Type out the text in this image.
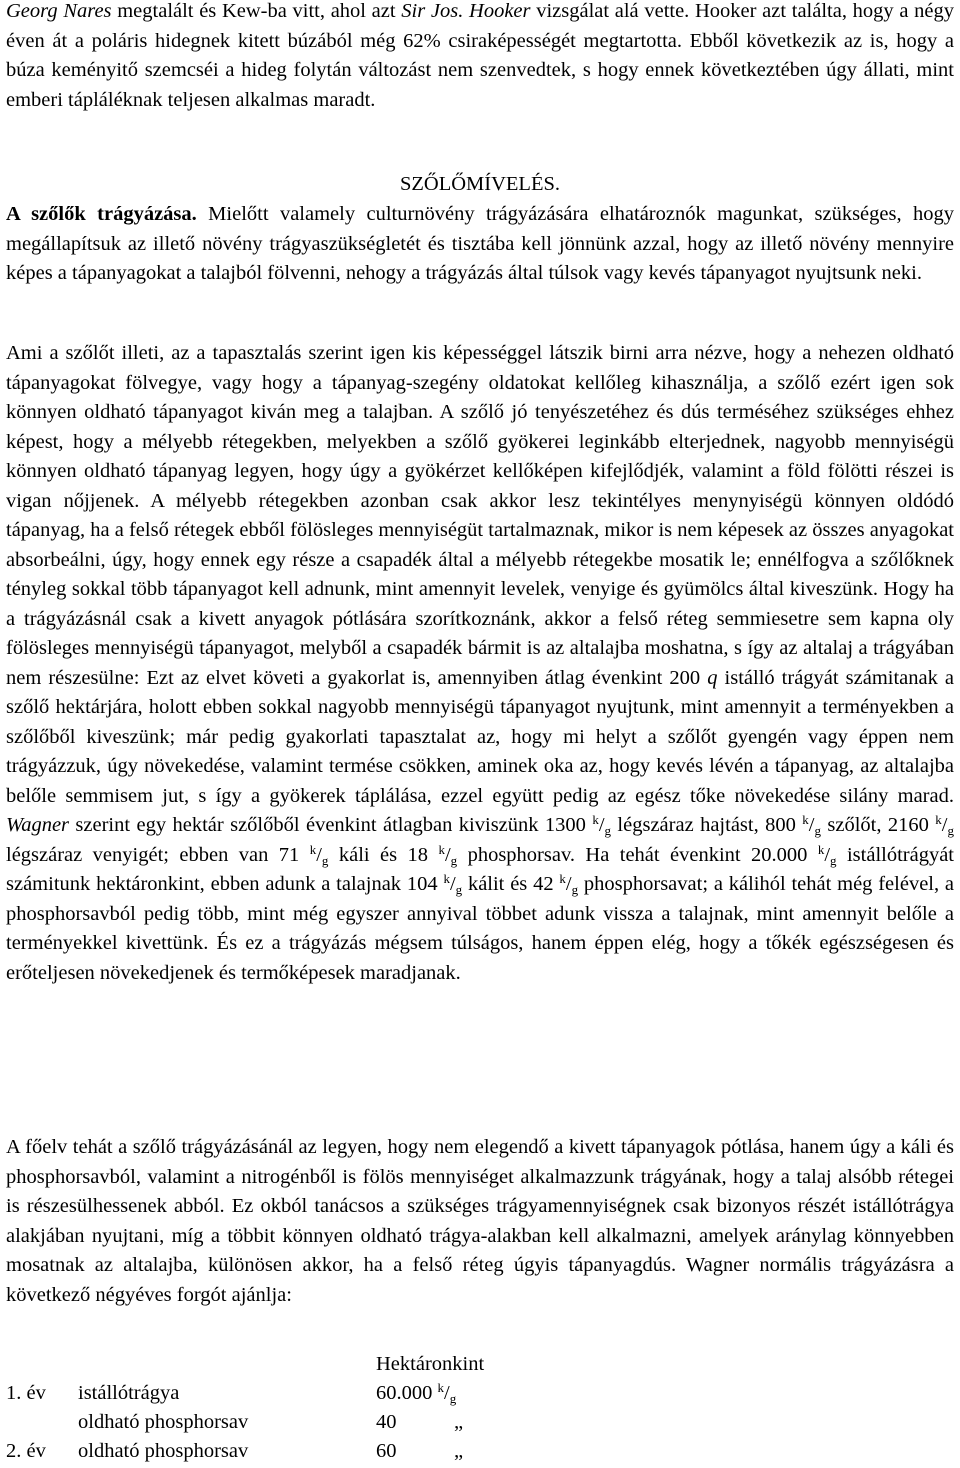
Georg Nares megtalált és Kew-ba vitt, ahol azt Sir Jos. Hooker vizsgálat alá vette. Hooker azt találta, hogy a négy éven át a poláris hidegnek kitett búzából még 62% csiraképességét megtartotta. Ebből következik az is, hogy a búza keményitő szemcséi a hideg folytán változást nem szenvedtek, s hogy ennek következtében úgy állati, mint emberi tápláléknak teljesen alkalmas maradt.

SZŐLŐMÍVELÉS.

A szőlők trágyázása. Mielőtt valamely culturnövény trágyázására elhatároznók magunkat, szükséges, hogy megállapítsuk az illető növény trágyaszükségletét és tisztába kell jönnünk azzal, hogy az illető növény mennyire képes a tápanyagokat a talajból fölvenni, nehogy a trágyázás által túlsok vagy kevés tápanyagot nyujtsunk neki.

Ami a szőlőt illeti, az a tapasztalás szerint igen kis képességgel látszik birni arra nézve, hogy a nehezen oldható tápanyagokat fölvegye, vagy hogy a tápanyag-szegény oldatokat kellőleg kihasználja, a szőlő ezért igen sok könnyen oldható tápanyagot kiván meg a talajban. A szőlő jó tenyészetéhez és dús terméséhez szükséges ehhez képest, hogy a mélyebb rétegekben, melyekben a szőlő gyökerei leginkább elterjednek, nagyobb mennyiségü könnyen oldható tápanyag legyen, hogy úgy a gyökérzet kellőképen kifejlődjék, valamint a föld fölötti részei is vigan nőjjenek. A mélyebb rétegekben azonban csak akkor lesz tekintélyes menynyiségü könnyen oldódó tápanyag, ha a felső rétegek ebből fölösleges mennyiségüt tartalmaznak, mikor is nem képesek az összes anyagokat absorbeálni, úgy, hogy ennek egy része a csapadék által a mélyebb rétegekbe mosatik le; ennélfogva a szőlőknek tényleg sokkal több tápanyagot kell adnunk, mint amennyit levelek, venyige és gyümölcs által kiveszünk. Hogy ha a trágyázásnál csak a kivett anyagok pótlására szorítkoznánk, akkor a felső réteg semmiesetre sem kapna oly fölösleges mennyiségü tápanyagot, melyből a csapadék bármit is az altalajba moshatna, s így az altalaj a trágyában nem részesülne: Ezt az elvet követi a gyakorlat is, amennyiben átlag évenkint 200 q istálló trágyát számitanak a szőlő hektárjára, holott ebben sokkal nagyobb mennyiségü tápanyagot nyujtunk, mint amennyit a terményekben a szőlőből kiveszünk; már pedig gyakorlati tapasztalat az, hogy mi helyt a szőlőt gyengén vagy éppen nem trágyázzuk, úgy növekedése, valamint termése csökken, aminek oka az, hogy kevés lévén a tápanyag, az altalajba belőle semmisem jut, s így a gyökerek táplálása, ezzel együtt pedig az egész tőke növekedése silány marad. Wagner szerint egy hektár szőlőből évenkint átlagban kiviszünk 1300 $^k/_g$ légszáraz hajtást, 800 $^k/_g$ szőlőt, 2160 $^k/_g$ légszáraz venyigét; ebben van 71 $^k/_g$ káli és 18 $^k/_g$ phosphorsav. Ha tehát évenkint 20.000 $^k/_g$ istállótrágyát számitunk hektáronkint, ebben adunk a talajnak 104 $^k/_g$ kálit és 42 $^k/_g$ phosphorsavat; a kálihól tehát még felével, a phosphorsavból pedig több, mint még egyszer annyival többet adunk vissza a talajnak, mint amennyit belőle a terményekkel kivettünk. És ez a trágyázás mégsem túlságos, hanem éppen elég, hogy a tőkék egészségesen és erőteljesen növekedjenek és termőképesek maradjanak.

A főelv tehát a szőlő trágyázásánál az legyen, hogy nem elegendő a kivett tápanyagok pótlása, hanem úgy a káli és phosphorsavból, valamint a nitrogénből is fölös mennyiséget alkalmazzunk trágyának, hogy a talaj alsóbb rétegei is részesülhessenek abból. Ez okból tanácsos a szükséges trágyamennyiségnek csak bizonyos részét istállótrágya alakjában nyujtani, míg a többit könnyen oldható trágya-alakban kell alkalmazni, amelyek aránylag könnyebben mosatnak az altalajba, különösen akkor, ha a felső réteg úgyis tápanyagdús. Wagner normális trágyázásra a következő négyéves forgót ajánlja:

Hektáronkint
1. év istállótrágya	60.000 $^k/_g$
oldható phosphorsav	40	„
2. év oldható phosphorsav	60	„
